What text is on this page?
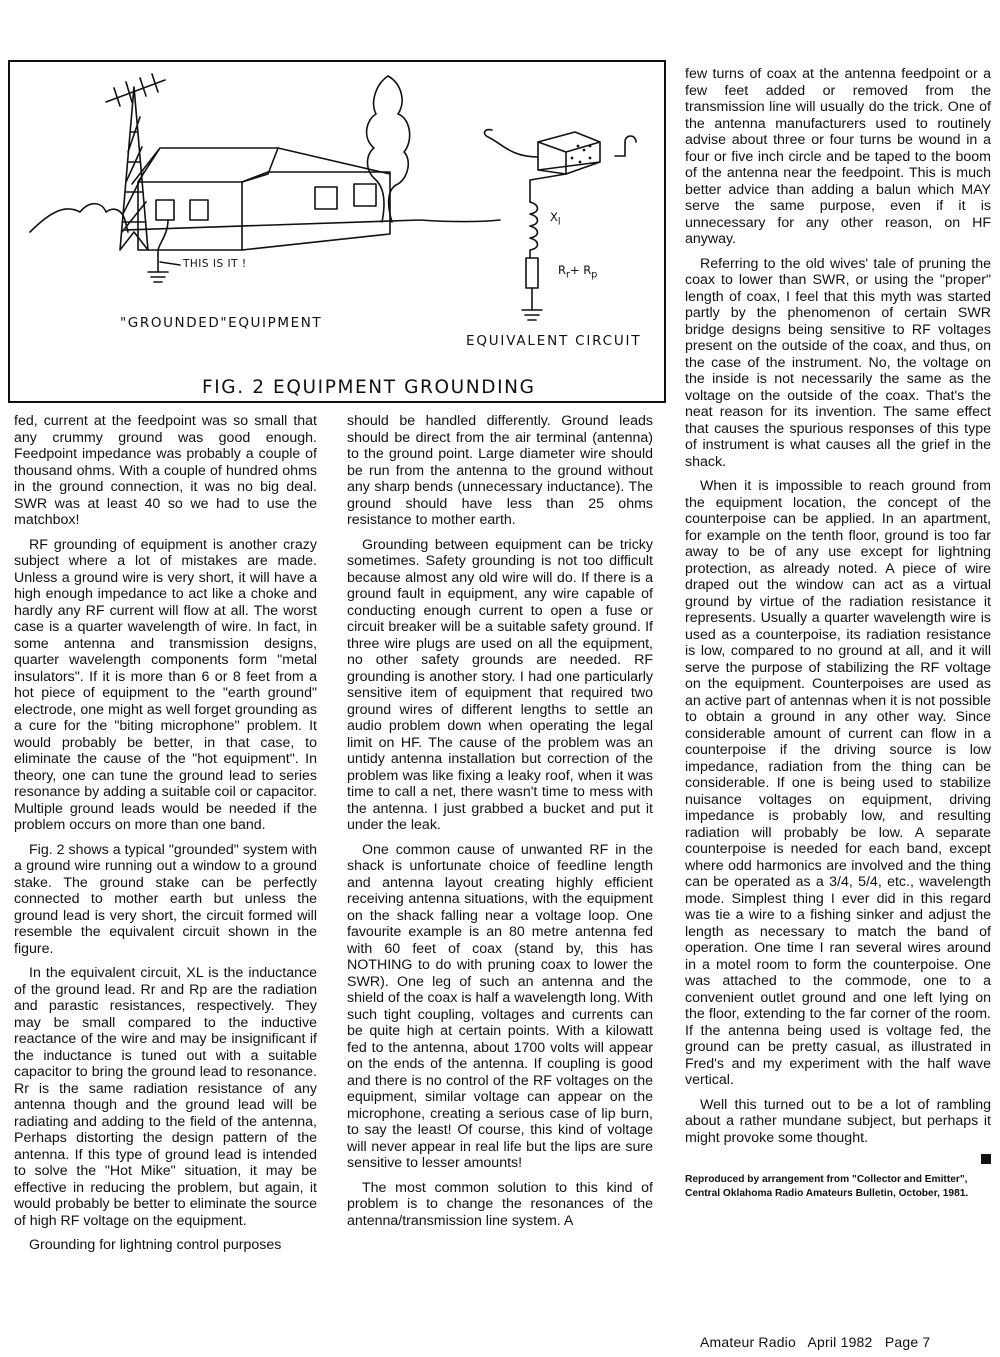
THIS IS IT !
"GROUNDED"EQUIPMENT
EQUIVALENT CIRCUIT
$X_l$
$R_r+ R_p$
FIG. 2 EQUIPMENT GROUNDING

fed, current at the feedpoint was so small that any crummy ground was good enough. Feedpoint impedance was probably a couple of thousand ohms. With a couple of hundred ohms in the ground connection, it was no big deal. SWR was at least 40 so we had to use the matchbox!

RF grounding of equipment is another crazy subject where a lot of mistakes are made. Unless a ground wire is very short, it will have a high enough impedance to act like a choke and hardly any RF current will flow at all. The worst case is a quarter wavelength of wire. In fact, in some antenna and transmission designs, quarter wavelength components form "metal insulators". If it is more than 6 or 8 feet from a hot piece of equipment to the "earth ground" electrode, one might as well forget grounding as a cure for the "biting microphone" problem. It would probably be better, in that case, to eliminate the cause of the "hot equipment". In theory, one can tune the ground lead to series resonance by adding a suitable coil or capacitor. Multiple ground leads would be needed if the problem occurs on more than one band.

Fig. 2 shows a typical "grounded" system with a ground wire running out a window to a ground stake. The ground stake can be perfectly connected to mother earth but unless the ground lead is very short, the circuit formed will resemble the equivalent circuit shown in the figure.

In the equivalent circuit, XL is the inductance of the ground lead. Rr and Rp are the radiation and parastic resistances, respectively. They may be small compared to the inductive reactance of the wire and may be insignificant if the inductance is tuned out with a suitable capacitor to bring the ground lead to resonance. Rr is the same radiation resistance of any antenna though and the ground lead will be radiating and adding to the field of the antenna, Perhaps distorting the design pattern of the antenna. If this type of ground lead is intended to solve the "Hot Mike" situation, it may be effective in reducing the problem, but again, it would probably be better to eliminate the source of high RF voltage on the equipment.

Grounding for lightning control purposes

should be handled differently. Ground leads should be direct from the air terminal (antenna) to the ground point. Large diameter wire should be run from the antenna to the ground without any sharp bends (unnecessary inductance). The ground should have less than 25 ohms resistance to mother earth.

Grounding between equipment can be tricky sometimes. Safety grounding is not too difficult because almost any old wire will do. If there is a ground fault in equipment, any wire capable of conducting enough current to open a fuse or circuit breaker will be a suitable safety ground. If three wire plugs are used on all the equipment, no other safety grounds are needed. RF grounding is another story. I had one particularly sensitive item of equipment that required two ground wires of different lengths to settle an audio problem down when operating the legal limit on HF. The cause of the problem was an untidy antenna installation but correction of the problem was like fixing a leaky roof, when it was time to call a net, there wasn't time to mess with the antenna. I just grabbed a bucket and put it under the leak.

One common cause of unwanted RF in the shack is unfortunate choice of feedline length and antenna layout creating highly efficient receiving antenna situations, with the equipment on the shack falling near a voltage loop. One favourite example is an 80 metre antenna fed with 60 feet of coax (stand by, this has NOTHING to do with pruning coax to lower the SWR). One leg of such an antenna and the shield of the coax is half a wavelength long. With such tight coupling, voltages and currents can be quite high at certain points. With a kilowatt fed to the antenna, about 1700 volts will appear on the ends of the antenna. If coupling is good and there is no control of the RF voltages on the equipment, similar voltage can appear on the microphone, creating a serious case of lip burn, to say the least! Of course, this kind of voltage will never appear in real life but the lips are sure sensitive to lesser amounts!

The most common solution to this kind of problem is to change the resonances of the antenna/transmission line system. A

few turns of coax at the antenna feedpoint or a few feet added or removed from the transmission line will usually do the trick. One of the antenna manufacturers used to routinely advise about three or four turns be wound in a four or five inch circle and be taped to the boom of the antenna near the feedpoint. This is much better advice than adding a balun which MAY serve the same purpose, even if it is unnecessary for any other reason, on HF anyway.

Referring to the old wives' tale of pruning the coax to lower than SWR, or using the "proper" length of coax, I feel that this myth was started partly by the phenomenon of certain SWR bridge designs being sensitive to RF voltages present on the outside of the coax, and thus, on the case of the instrument. No, the voltage on the inside is not necessarily the same as the voltage on the outside of the coax. That's the neat reason for its invention. The same effect that causes the spurious responses of this type of instrument is what causes all the grief in the shack.

When it is impossible to reach ground from the equipment location, the concept of the counterpoise can be applied. In an apartment, for example on the tenth floor, ground is too far away to be of any use except for lightning protection, as already noted. A piece of wire draped out the window can act as a virtual ground by virtue of the radiation resistance it represents. Usually a quarter wavelength wire is used as a counterpoise, its radiation resistance is low, compared to no ground at all, and it will serve the purpose of stabilizing the RF voltage on the equipment. Counterpoises are used as an active part of antennas when it is not possible to obtain a ground in any other way. Since considerable amount of current can flow in a counterpoise if the driving source is low impedance, radiation from the thing can be considerable. If one is being used to stabilize nuisance voltages on equipment, driving impedance is probably low, and resulting radiation will probably be low. A separate counterpoise is needed for each band, except where odd harmonics are involved and the thing can be operated as a 3/4, 5/4, etc., wavelength mode. Simplest thing I ever did in this regard was tie a wire to a fishing sinker and adjust the length as necessary to match the band of operation. One time I ran several wires around in a motel room to form the counterpoise. One was attached to the commode, one to a convenient outlet ground and one left lying on the floor, extending to the far corner of the room. If the antenna being used is voltage fed, the ground can be pretty casual, as illustrated in Fred's and my experiment with the half wave vertical.

Well this turned out to be a lot of rambling about a rather mundane subject, but perhaps it might provoke some thought.

Reproduced by arrangement from "Collector and Emitter", Central Oklahoma Radio Amateurs Bulletin, October, 1981.

Amateur Radio April 1982 Page 7
